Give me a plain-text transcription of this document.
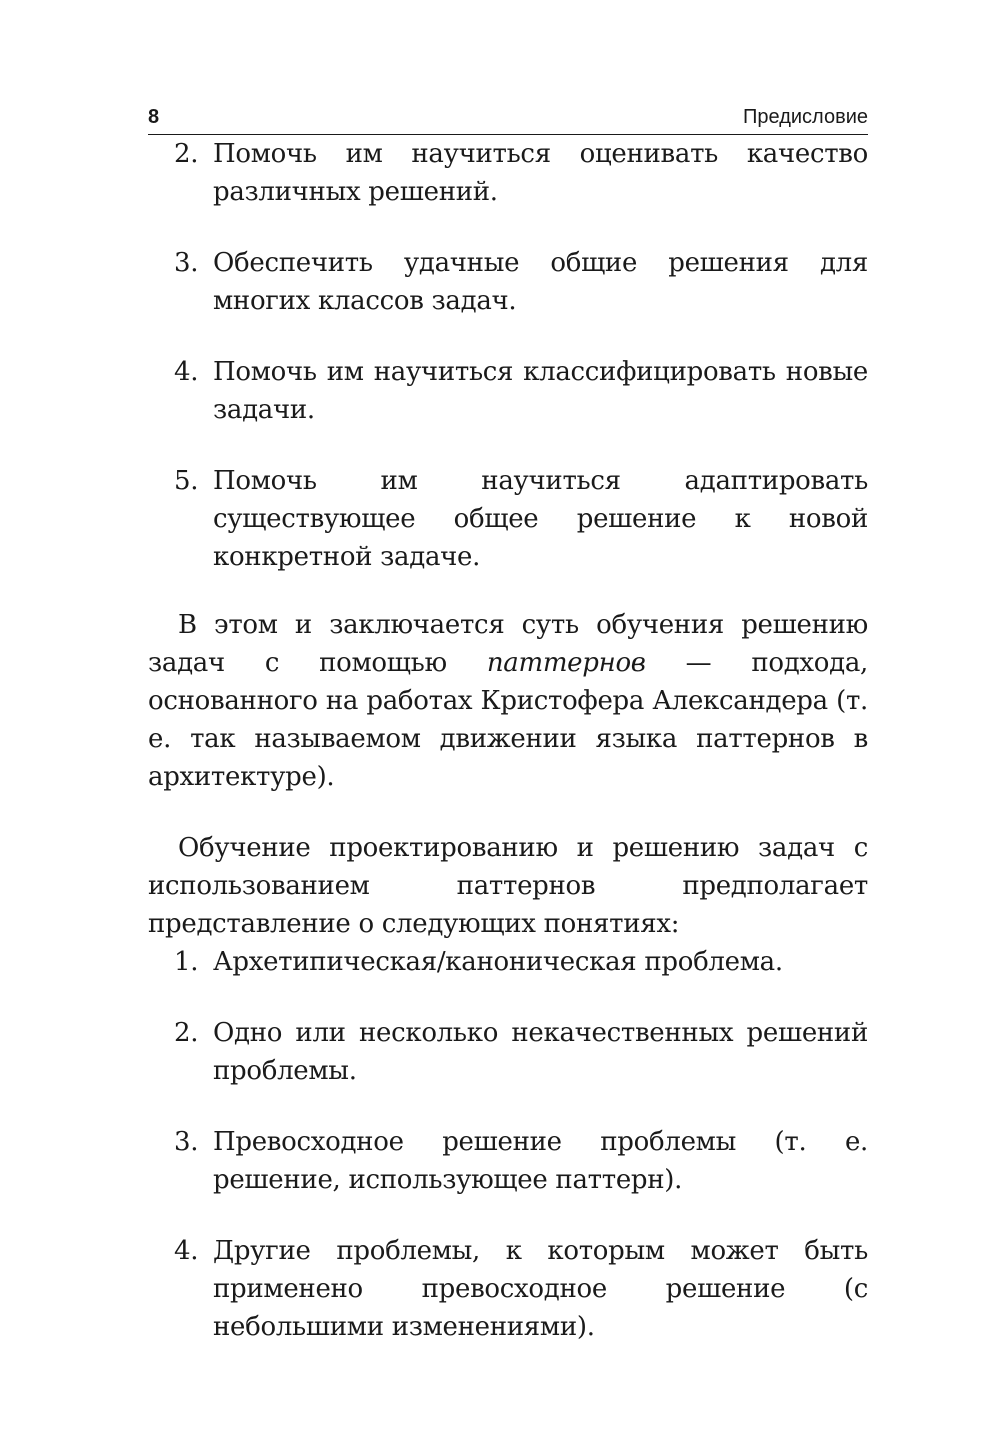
8	Предисловие
2. Помочь им научиться оценивать качество различных решений.
3. Обеспечить удачные общие решения для многих классов задач.
4. Помочь им научиться классифицировать новые задачи.
5. Помочь им научиться адаптировать существующее общее решение к новой конкретной задаче.

В этом и заключается суть обучения решению задач с помощью паттернов — подхода, основанного на работах Кристофера Александера (т. е. так называемом движении языка паттернов в архитектуре).

Обучение проектированию и решению задач с использованием паттернов предполагает представление о следующих понятиях:

1. Архетипическая/каноническая проблема.
2. Одно или несколько некачественных решений проблемы.
3. Превосходное решение проблемы (т. е. решение, использующее паттерн).
4. Другие проблемы, к которым может быть применено превосходное решение (с небольшими изменениями).
